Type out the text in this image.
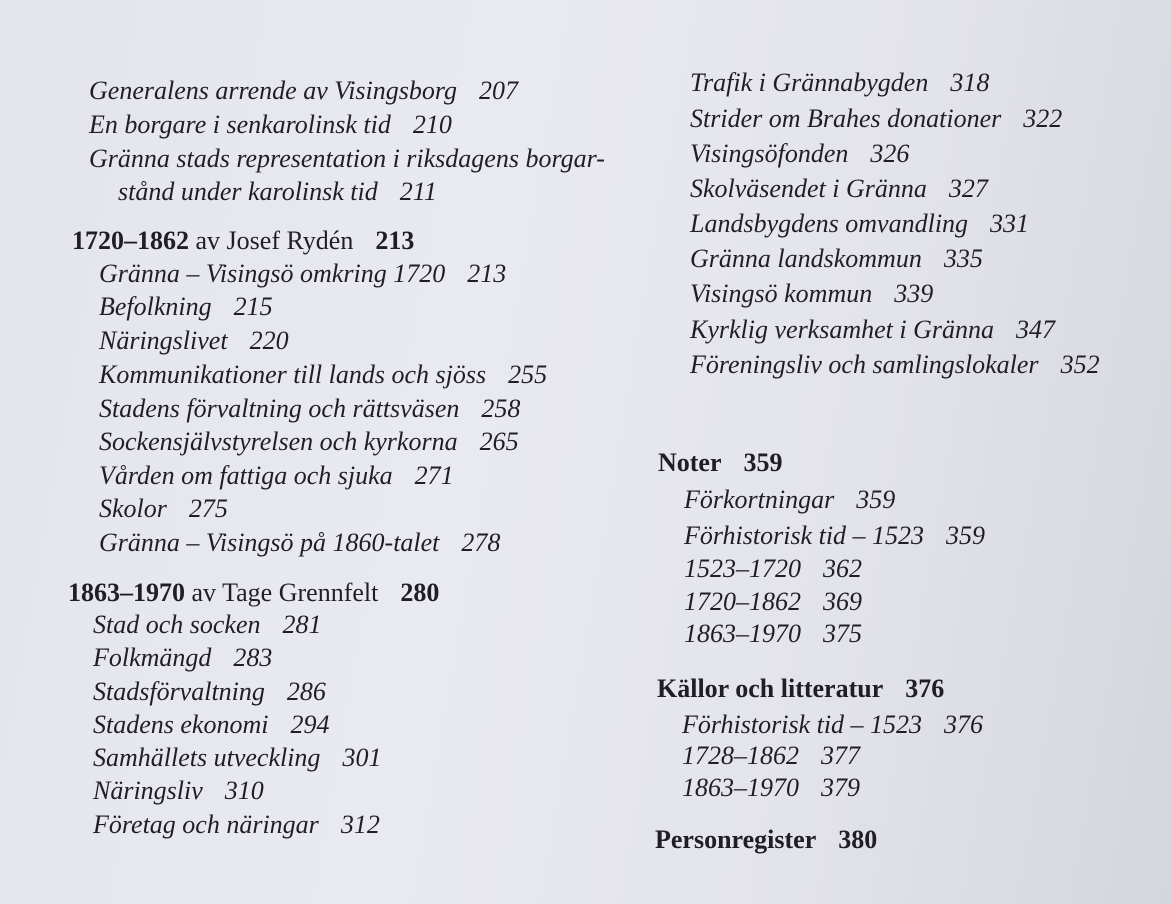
Generalens arrende av Visingsborg 207
En borgare i senkarolinsk tid 210
Gränna stads representation i riksdagens borgar-
stånd under karolinsk tid 211
1720–1862 av Josef Rydén 213
Gränna – Visingsö omkring 1720 213
Befolkning 215
Näringslivet 220
Kommunikationer till lands och sjöss 255
Stadens förvaltning och rättsväsen 258
Sockensjälvstyrelsen och kyrkorna 265
Vården om fattiga och sjuka 271
Skolor 275
Gränna – Visingsö på 1860-talet 278
1863–1970 av Tage Grennfelt 280
Stad och socken 281
Folkmängd 283
Stadsförvaltning 286
Stadens ekonomi 294
Samhällets utveckling 301
Näringsliv 310
Företag och näringar 312
Trafik i Grännabygden 318
Strider om Brahes donationer 322
Visingsöfonden 326
Skolväsendet i Gränna 327
Landsbygdens omvandling 331
Gränna landskommun 335
Visingsö kommun 339
Kyrklig verksamhet i Gränna 347
Föreningsliv och samlingslokaler 352
Noter 359
Förkortningar 359
Förhistorisk tid – 1523 359
1523–1720 362
1720–1862 369
1863–1970 375
Källor och litteratur 376
Förhistorisk tid – 1523 376
1728–1862 377
1863–1970 379
Personregister 380
